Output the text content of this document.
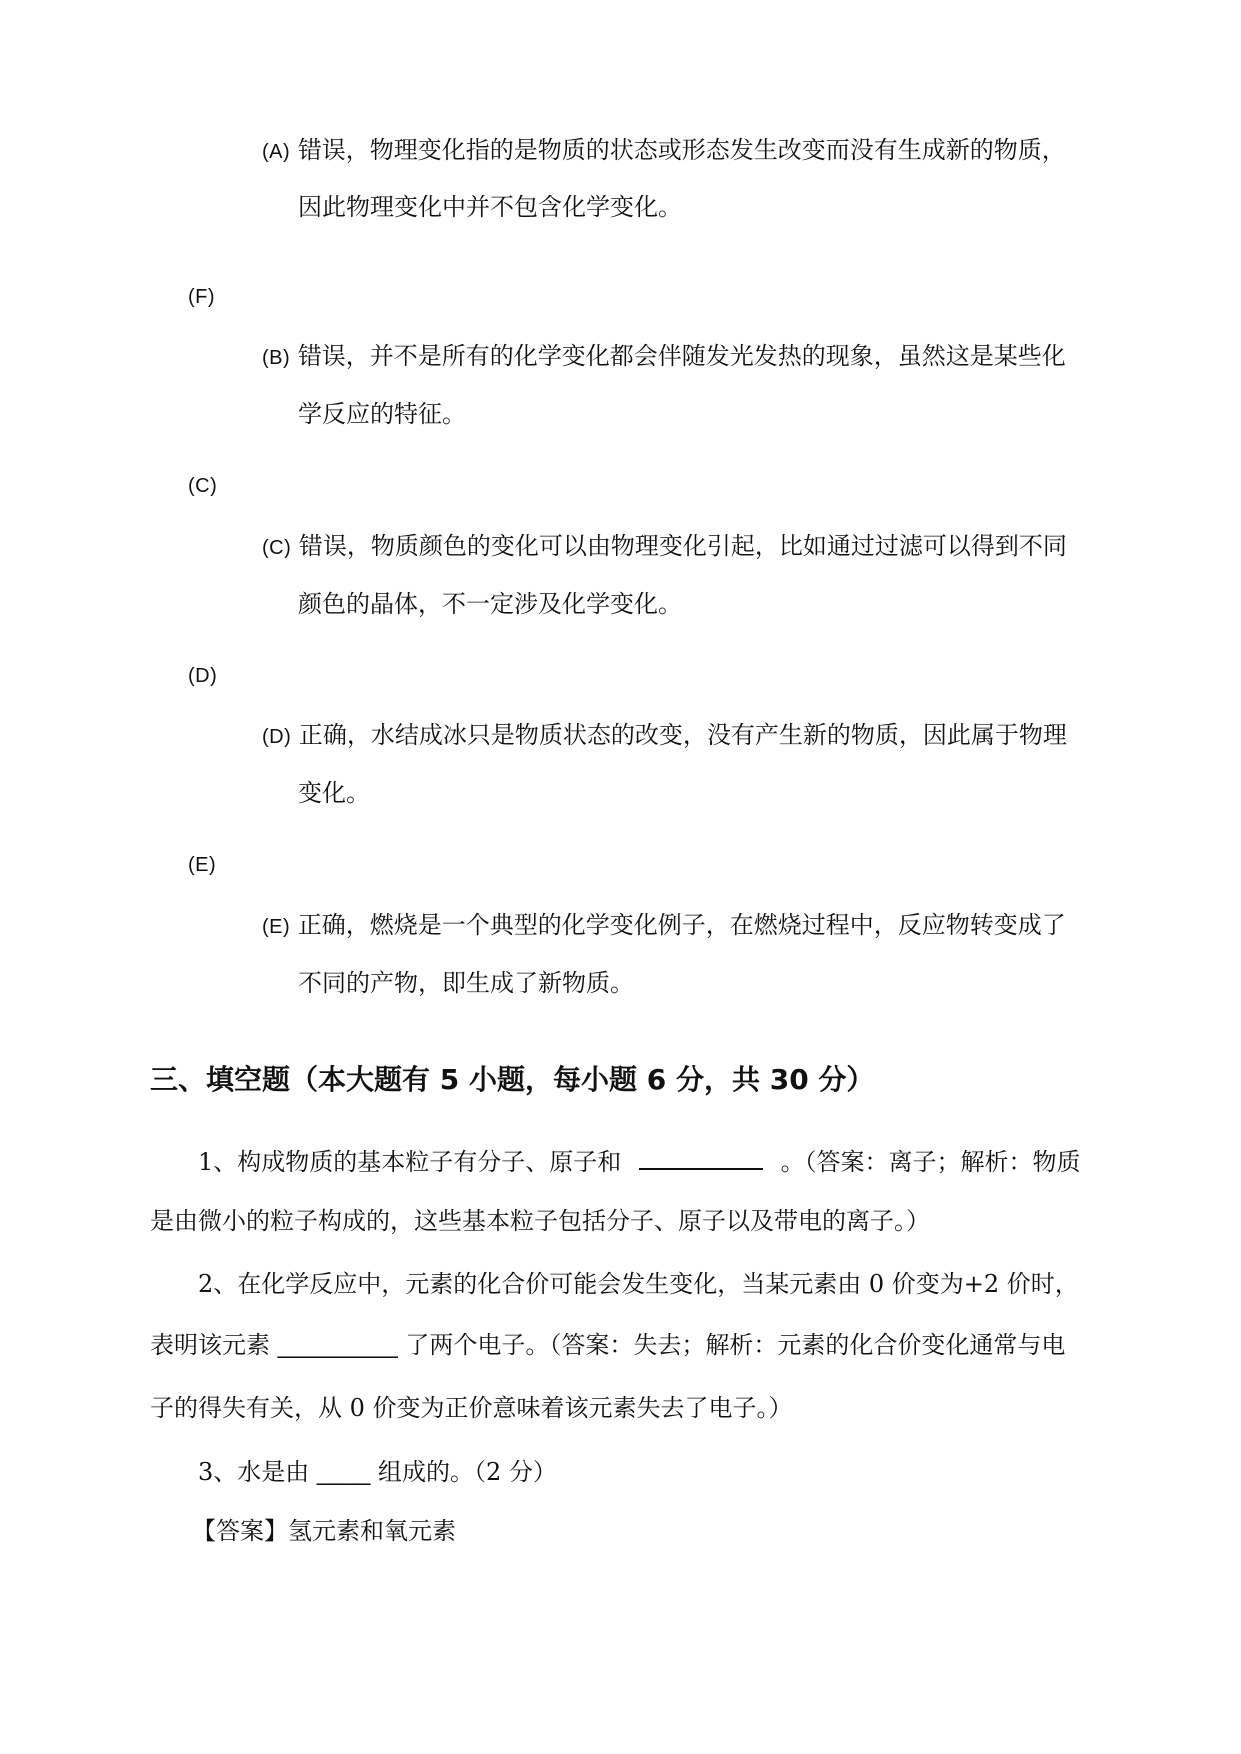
(A) 错误，物理变化指的是物质的状态或形态发生改变而没有生成新的物质，
因此物理变化中并不包含化学变化。
(F)
(B) 错误，并不是所有的化学变化都会伴随发光发热的现象，虽然这是某些化
学反应的特征。
(C)
(C) 错误，物质颜色的变化可以由物理变化引起，比如通过过滤可以得到不同
颜色的晶体，不一定涉及化学变化。
(D)
(D) 正确，水结成冰只是物质状态的改变，没有产生新的物质，因此属于物理
变化。
(E)
(E) 正确，燃烧是一个典型的化学变化例子，在燃烧过程中，反应物转变成了
不同的产物，即生成了新物质。
三、填空题（本大题有 5 小题，每小题 6 分，共 30 分）
1、构成物质的基本粒子有分子、原子和	。（答案：离子；解析：物质
是由微小的粒子构成的，这些基本粒子包括分子、原子以及带电的离子。）
2、在化学反应中，元素的化合价可能会发生变化，当某元素由 0 价变为+2 价时，
表明该元素 _________ 了两个电子。（答案：失去；解析：元素的化合价变化通常与电
子的得失有关，从 0 价变为正价意味着该元素失去了电子。）
3、水是由 ____ 组成的。（2 分）
【答案】氢元素和氧元素
